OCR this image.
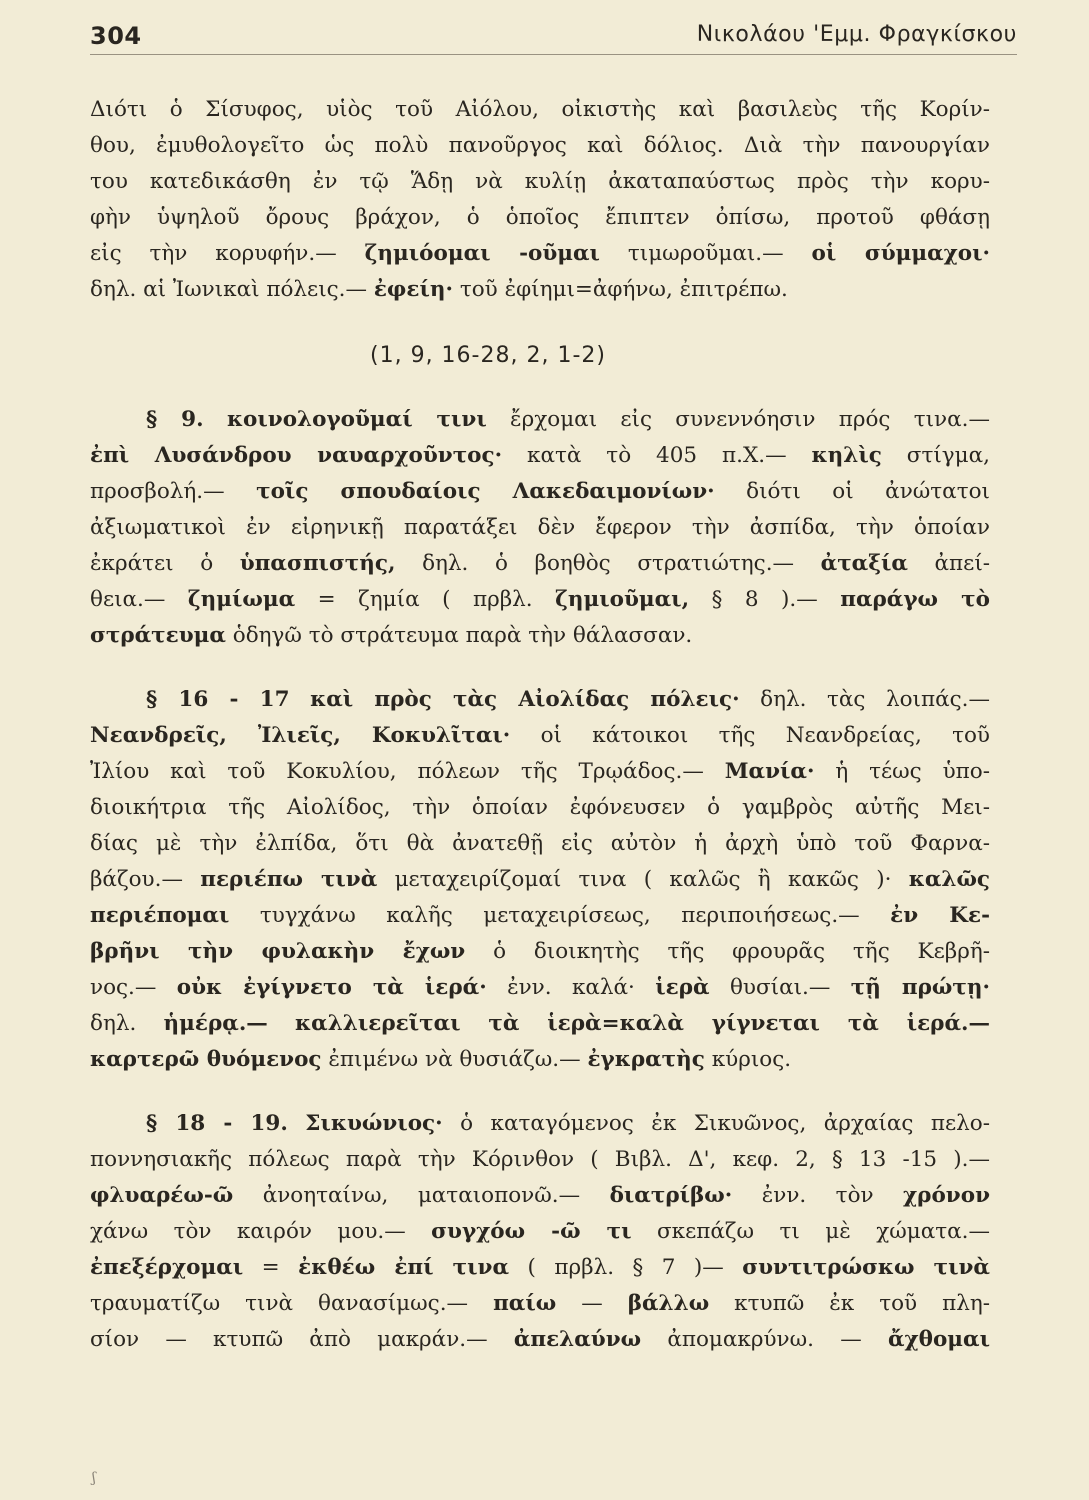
304	Νικολάου 'Εμμ. Φραγκίσκου
Διότι ὁ Σίσυφος, υἱὸς τοῦ Αἰόλου, οἰκιστὴς καὶ βασιλεὺς τῆς Κορίν-
θου, ἐμυθολογεῖτο ὡς πολὺ πανοῦργος καὶ δόλιος. Διὰ τὴν πανουργίαν
του κατεδικάσθη ἐν τῷ Ἅδῃ νὰ κυλίῃ ἀκαταπαύστως πρὸς τὴν κορυ-
φὴν ὑψηλοῦ ὄρους βράχον, ὁ ὁποῖος ἔπιπτεν ὀπίσω, προτοῦ φθάσῃ
εἰς τὴν κορυφήν.— ζημιόομαι -οῦμαι τιμωροῦμαι.— οἱ σύμμαχοι·
δηλ. αἱ Ἰωνικαὶ πόλεις.— ἐφείη· τοῦ ἐφίημι=ἀφήνω, ἐπιτρέπω.
(1, 9, 16-28, 2, 1-2)
§ 9. κοινολογοῦμαί τινι ἔρχομαι εἰς συνεννόησιν πρός τινα.—
ἐπὶ Λυσάνδρου ναυαρχοῦντος· κατὰ τὸ 405 π.Χ.— κηλὶς στίγμα,
προσβολή.— τοῖς σπουδαίοις Λακεδαιμονίων· διότι οἱ ἀνώτατοι
ἀξιωματικοὶ ἐν εἰρηνικῇ παρατάξει δὲν ἔφερον τὴν ἀσπίδα, τὴν ὁποίαν
ἐκράτει ὁ ὑπασπιστής, δηλ. ὁ βοηθὸς στρατιώτης.— ἀταξία ἀπεί-
θεια.— ζημίωμα = ζημία ( πρβλ. ζημιοῦμαι, § 8 ).— παράγω τὸ
στράτευμα ὁδηγῶ τὸ στράτευμα παρὰ τὴν θάλασσαν.
§ 16 - 17 καὶ πρὸς τὰς Αἰολίδας πόλεις· δηλ. τὰς λοιπάς.—
Νεανδρεῖς, Ἰλιεῖς, Κοκυλῖται· οἱ κάτοικοι τῆς Νεανδρείας, τοῦ
Ἰλίου καὶ τοῦ Κοκυλίου, πόλεων τῆς Τρῳάδος.— Μανία· ἡ τέως ὑπο-
διοικήτρια τῆς Αἰολίδος, τὴν ὁποίαν ἐφόνευσεν ὁ γαμβρὸς αὐτῆς Μει-
δίας μὲ τὴν ἐλπίδα, ὅτι θὰ ἀνατεθῇ εἰς αὐτὸν ἡ ἀρχὴ ὑπὸ τοῦ Φαρνα-
βάζου.— περιέπω τινὰ μεταχειρίζομαί τινα ( καλῶς ἢ κακῶς )· καλῶς
περιέπομαι τυγχάνω καλῆς μεταχειρίσεως, περιποιήσεως.— ἐν Κε-
βρῆνι τὴν φυλακὴν ἔχων ὁ διοικητὴς τῆς φρουρᾶς τῆς Κεβρῆ-
νος.— οὐκ ἐγίγνετο τὰ ἱερά· ἐνν. καλά· ἱερὰ θυσίαι.— τῇ πρώτῃ·
δηλ. ἡμέρᾳ.— καλλιερεῖται τὰ ἱερὰ=καλὰ γίγνεται τὰ ἱερά.—
καρτερῶ θυόμενος ἐπιμένω νὰ θυσιάζω.— ἐγκρατὴς κύριος.
§ 18 - 19. Σικυώνιος· ὁ καταγόμενος ἐκ Σικυῶνος, ἀρχαίας πελο-
ποννησιακῆς πόλεως παρὰ τὴν Κόρινθον ( Βιβλ. Δ', κεφ. 2, § 13 -15 ).—
φλυαρέω-ῶ ἀνοηταίνω, ματαιοπονῶ.— διατρίβω· ἐνν. τὸν χρόνον
χάνω τὸν καιρόν μου.— συγχόω -ῶ τι σκεπάζω τι μὲ χώματα.—
ἐπεξέρχομαι = ἐκθέω ἐπί τινα ( πρβλ. § 7 )— συντιτρώσκω τινὰ
τραυματίζω τινὰ θανασίμως.— παίω — βάλλω κτυπῶ ἐκ τοῦ πλη-
σίον — κτυπῶ ἀπὸ μακράν.— ἀπελαύνω ἀπομακρύνω. — ἄχθομαι
ʃ
